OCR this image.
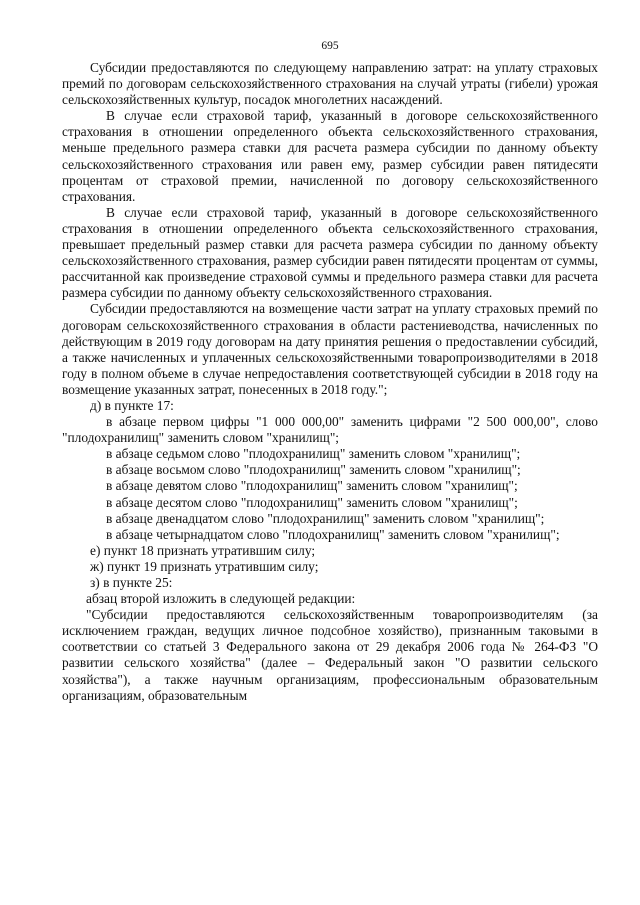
695

Субсидии предоставляются по следующему направлению затрат: на уплату страховых премий по договорам сельскохозяйственного страхования на случай утраты (гибели) урожая сельскохозяйственных культур, посадок многолетних насаждений.

В случае если страховой тариф, указанный в договоре сельскохозяйственного страхования в отношении определенного объекта сельскохозяйственного страхования, меньше предельного размера ставки для расчета размера субсидии по данному объекту сельскохозяйственного страхования или равен ему, размер субсидии равен пятидесяти процентам от страховой премии, начисленной по договору сельскохозяйственного страхования.

В случае если страховой тариф, указанный в договоре сельскохозяйственного страхования в отношении определенного объекта сельскохозяйственного страхования, превышает предельный размер ставки для расчета размера субсидии по данному объекту сельскохозяйственного страхования, размер субсидии равен пятидесяти процентам от суммы, рассчитанной как произведение страховой суммы и предельного размера ставки для расчета размера субсидии по данному объекту сельскохозяйственного страхования.

Субсидии предоставляются на возмещение части затрат на уплату страховых премий по договорам сельскохозяйственного страхования в области растениеводства, начисленных по действующим в 2019 году договорам на дату принятия решения о предоставлении субсидий, а также начисленных и уплаченных сельскохозяйственными товаропроизводителями в 2018 году в полном объеме в случае непредоставления соответствующей субсидии в 2018 году на возмещение указанных затрат, понесенных в 2018 году.";

д) в пункте 17:

в абзаце первом цифры "1 000 000,00" заменить цифрами "2 500 000,00", слово "плодохранилищ" заменить словом "хранилищ";

в абзаце седьмом слово "плодохранилищ" заменить словом "хранилищ";

в абзаце восьмом слово "плодохранилищ" заменить словом "хранилищ";

в абзаце девятом слово "плодохранилищ" заменить словом "хранилищ";

в абзаце десятом слово "плодохранилищ" заменить словом "хранилищ";

в абзаце двенадцатом слово "плодохранилищ" заменить словом "хранилищ";

в абзаце четырнадцатом слово "плодохранилищ" заменить словом "хранилищ";

е) пункт 18 признать утратившим силу;

ж) пункт 19 признать утратившим силу;

з) в пункте 25:

абзац второй изложить в следующей редакции:

"Субсидии предоставляются сельскохозяйственным товаропроизводителям (за исключением граждан, ведущих личное подсобное хозяйство), признанным таковыми в соответствии со статьей 3 Федерального закона от 29 декабря 2006 года № 264-ФЗ "О развитии сельского хозяйства" (далее – Федеральный закон "О развитии сельского хозяйства"), а также научным организациям, профессиональным образовательным организациям, образовательным
